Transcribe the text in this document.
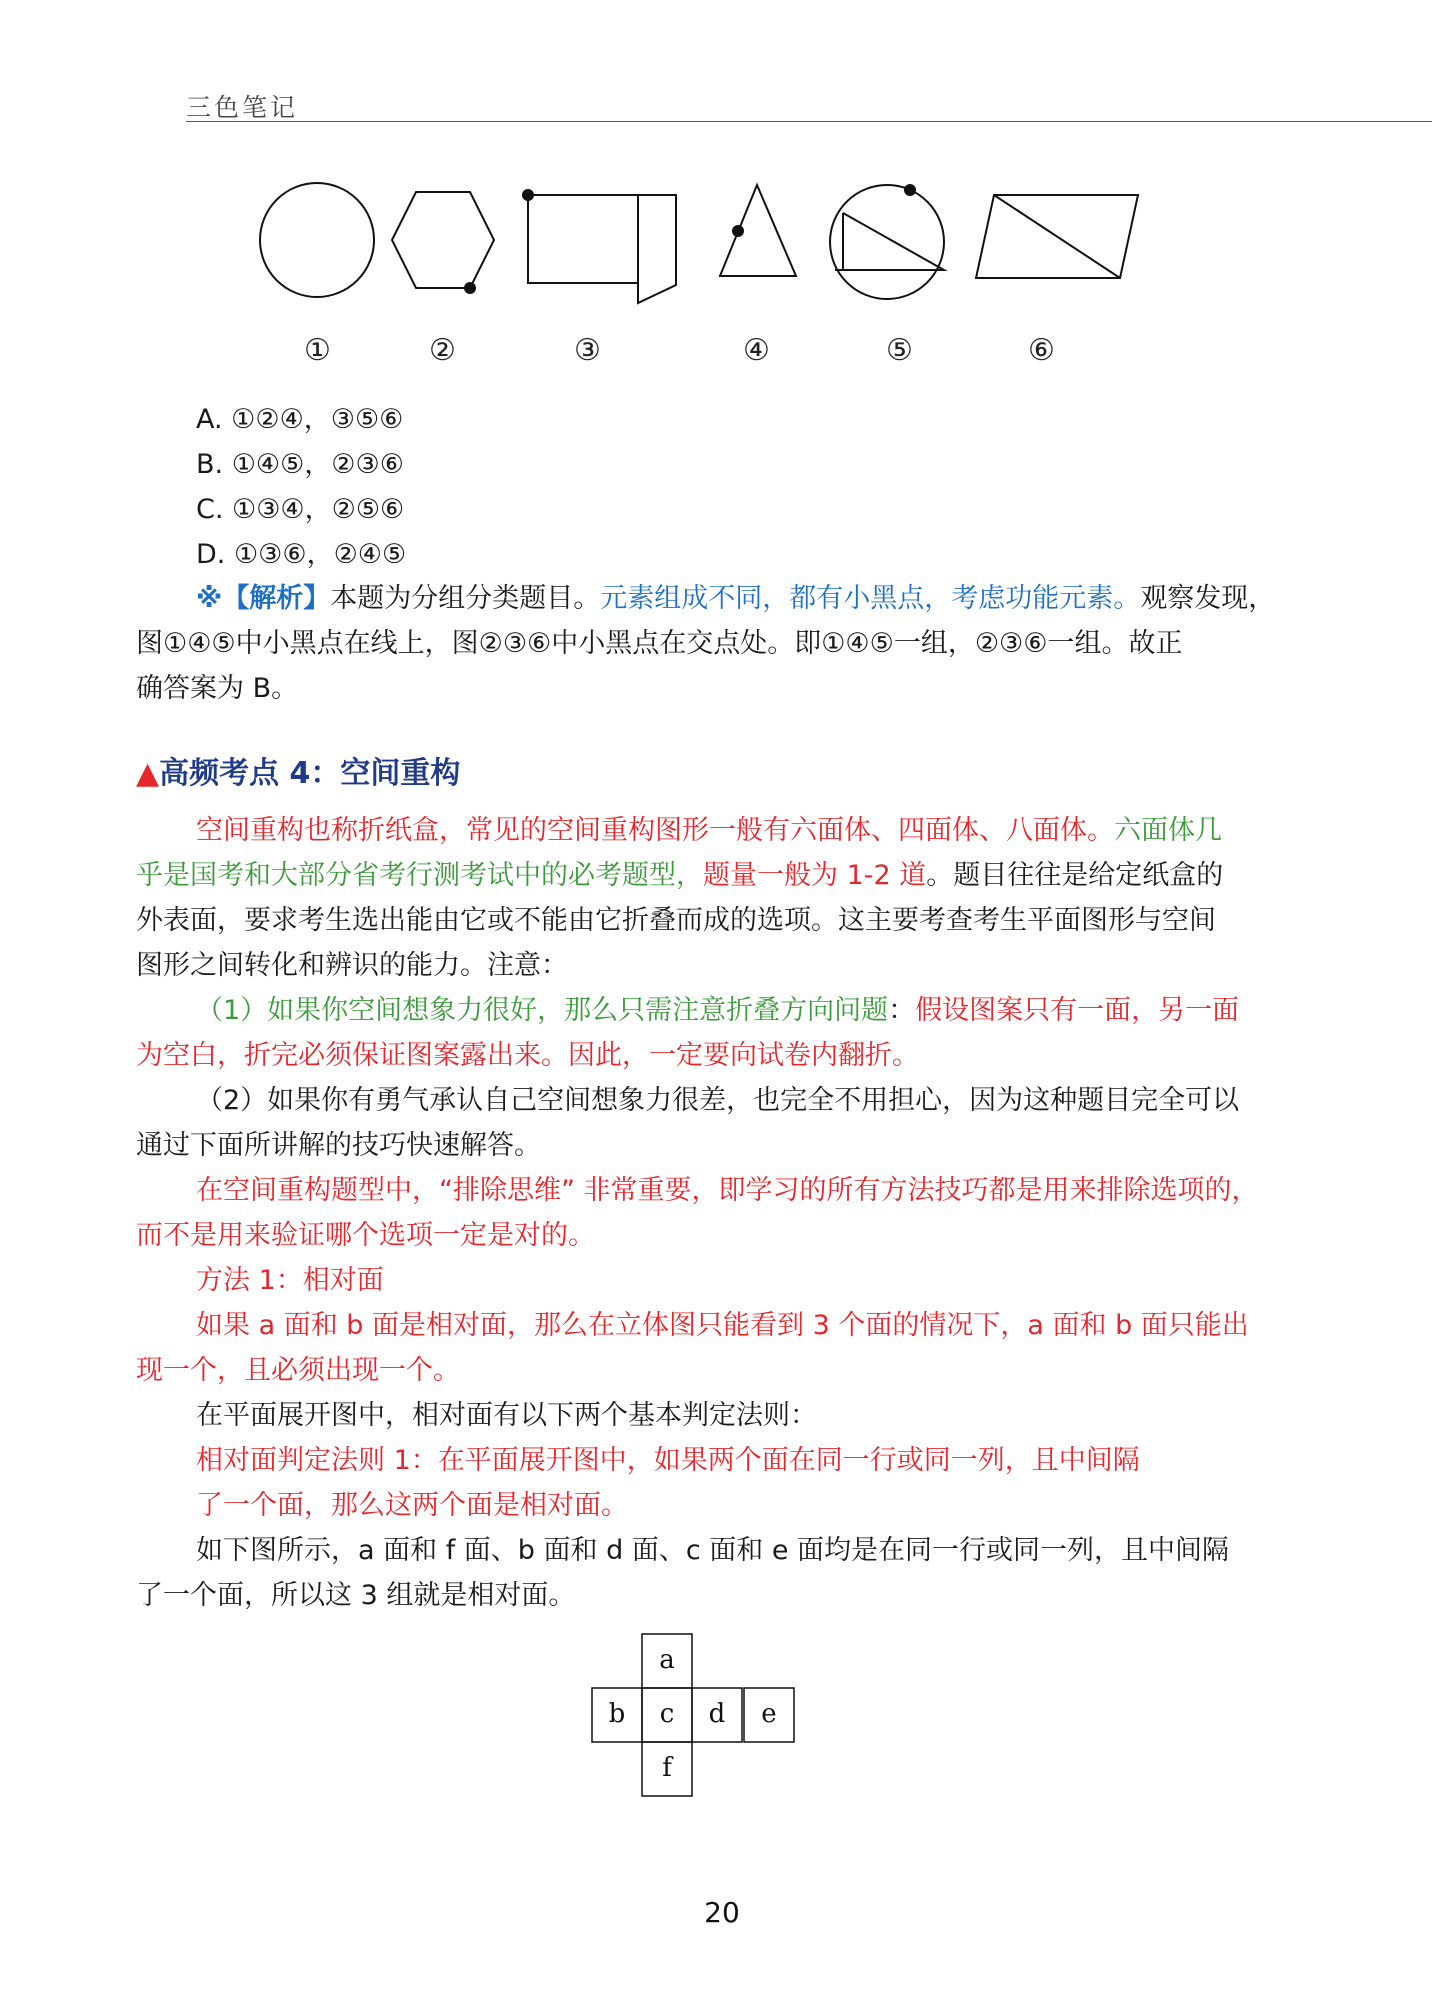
三色笔记
①	②	③	④	⑤	⑥
A. ①②④，③⑤⑥
B. ①④⑤，②③⑥
C. ①③④，②⑤⑥
D. ①③⑥，②④⑤
※【解析】本题为分组分类题目。元素组成不同，都有小黑点，考虑功能元素。观察发现，
图①④⑤中小黑点在线上，图②③⑥中小黑点在交点处。即①④⑤一组，②③⑥一组。故正
确答案为 B。
▲高频考点 4：空间重构
空间重构也称折纸盒，常见的空间重构图形一般有六面体、四面体、八面体。六面体几
乎是国考和大部分省考行测考试中的必考题型，题量一般为 1-2 道。题目往往是给定纸盒的
外表面，要求考生选出能由它或不能由它折叠而成的选项。这主要考查考生平面图形与空间
图形之间转化和辨识的能力。注意：
（1）如果你空间想象力很好，那么只需注意折叠方向问题：假设图案只有一面，另一面
为空白，折完必须保证图案露出来。因此，一定要向试卷内翻折。
（2）如果你有勇气承认自己空间想象力很差，也完全不用担心，因为这种题目完全可以
通过下面所讲解的技巧快速解答。
在空间重构题型中，“排除思维” 非常重要，即学习的所有方法技巧都是用来排除选项的，
而不是用来验证哪个选项一定是对的。
方法 1：相对面
如果 a 面和 b 面是相对面，那么在立体图只能看到 3 个面的情况下，a 面和 b 面只能出
现一个，且必须出现一个。
在平面展开图中，相对面有以下两个基本判定法则：
相对面判定法则 1：在平面展开图中，如果两个面在同一行或同一列，且中间隔
了一个面，那么这两个面是相对面。
如下图所示，a 面和 f 面、b 面和 d 面、c 面和 e 面均是在同一行或同一列，且中间隔
了一个面，所以这 3 组就是相对面。
a
b c d e
f
20
